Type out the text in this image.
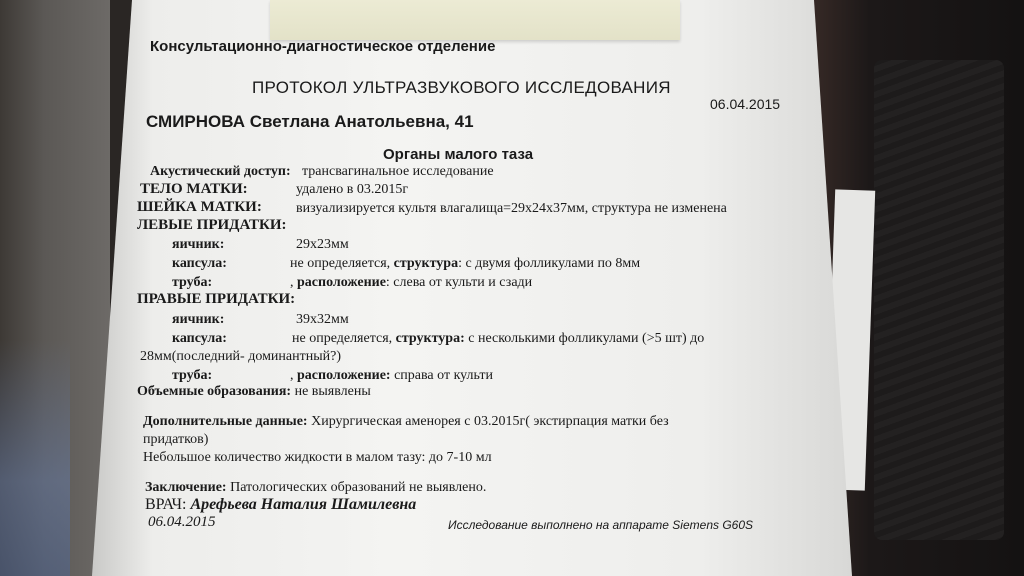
Консультационно-диагностическое отделение
ПРОТОКОЛ УЛЬТРАЗВУКОВОГО ИССЛЕДОВАНИЯ
06.04.2015
СМИРНОВА Светлана Анатольевна, 41
Органы малого таза
Акустический доступ: трансвагинальное исследование
ТЕЛО МАТКИ:	удалено в 03.2015г
ШЕЙКА МАТКИ: визуализируется культя влагалища=29х24х37мм, структура не изменена
ЛЕВЫЕ ПРИДАТКИ:
яичник:	29х23мм
капсула:	не определяется, структура: с двумя фолликулами по 8мм
труба:	, расположение: слева от культи и сзади
ПРАВЫЕ ПРИДАТКИ:
яичник:	39х32мм
капсула:	не определяется, структура: с несколькими фолликулами (>5 шт) до
28мм(последний- доминантный?)
труба:	, расположение: справа от культи
Объемные образования: не выявлены
Дополнительные данные: Хирургическая аменорея с 03.2015г( экстирпация матки без
придатков)
Небольшое количество жидкости в малом тазу: до 7-10 мл
Заключение: Патологических образований не выявлено.
ВРАЧ: Арефьева Наталия Шамилевна
06.04.2015	Исследование выполнено на аппарате Siemens G60S
